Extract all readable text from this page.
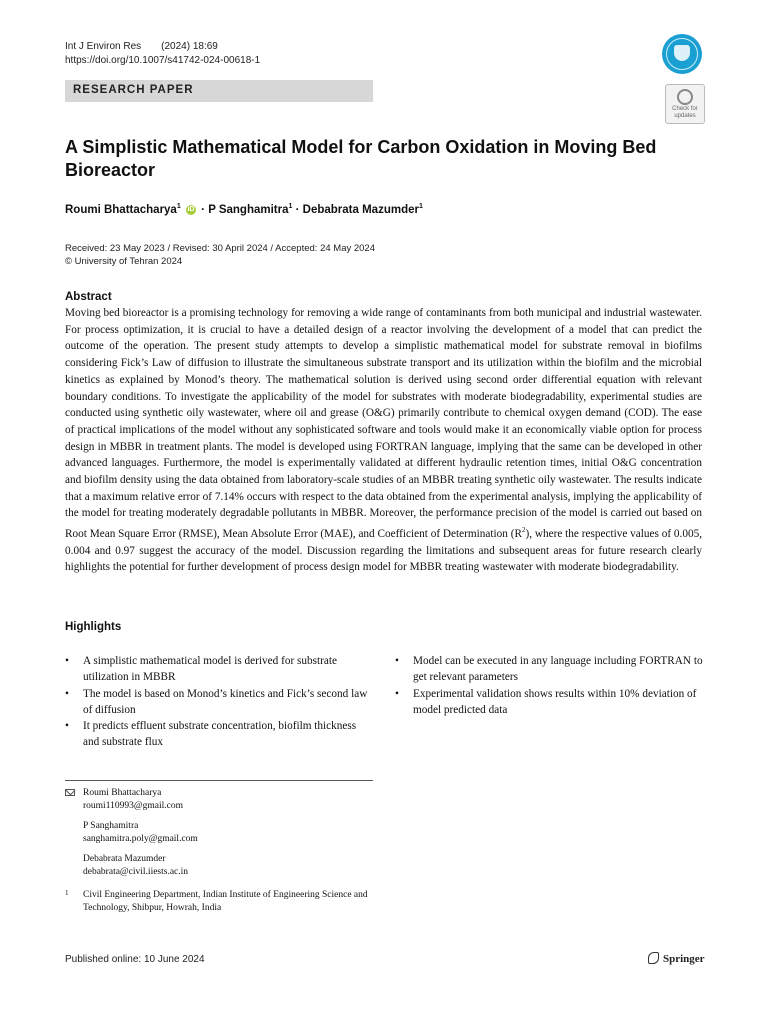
Int J Environ Res (2024) 18:69
https://doi.org/10.1007/s41742-024-00618-1
RESEARCH PAPER
Check for updates
A Simplistic Mathematical Model for Carbon Oxidation in Moving Bed Bioreactor
Roumi Bhattacharya$^1$ iD · P Sanghamitra$^1$ · Debabrata Mazumder$^1$
Received: 23 May 2023 / Revised: 30 April 2024 / Accepted: 24 May 2024
© University of Tehran 2024
Abstract

Moving bed bioreactor is a promising technology for removing a wide range of contaminants from both municipal and industrial wastewater. For process optimization, it is crucial to have a detailed design of a reactor involving the development of a model that can predict the outcome of the operation. The present study attempts to develop a simplistic mathematical model for substrate removal in biofilms considering Fick’s Law of diffusion to illustrate the simultaneous substrate transport and its utilization within the biofilm and the microbial kinetics as explained by Monod’s theory. The mathematical solution is derived using second order differential equation with relevant boundary conditions. To investigate the applicability of the model for substrates with moderate biodegradability, experimental studies are conducted using synthetic oily wastewater, where oil and grease (O&G) primarily contribute to chemical oxygen demand (COD). The ease of practical implications of the model without any sophisticated software and tools would make it an economically viable option for process design in MBBR in treatment plants. The model is developed using FORTRAN language, implying that the same can be developed in other advanced languages. Furthermore, the model is experimentally validated at different hydraulic retention times, initial O&G concentration and biofilm density using the data obtained from laboratory-scale studies of an MBBR treating synthetic oily wastewater. The results indicate that a maximum relative error of 7.14% occurs with respect to the data obtained from the experimental analysis, implying the applicability of the model for treating moderately degradable pollutants in MBBR. Moreover, the performance precision of the model is carried out based on Root Mean Square Error (RMSE), Mean Absolute Error (MAE), and Coefficient of Determination $(R^2)$, where the respective values of 0.005, 0.004 and 0.97 suggest the accuracy of the model. Discussion regarding the limitations and subsequent areas for future research clearly highlights the potential for further development of process design model for MBBR treating wastewater with moderate biodegradability.

Highlights
• A simplistic mathematical model is derived for substrate utilization in MBBR
• The model is based on Monod’s kinetics and Fick’s second law of diffusion
• It predicts effluent substrate concentration, biofilm thickness and substrate flux
• Model can be executed in any language including FORTRAN to get relevant parameters
• Experimental validation shows results within 10% deviation of model predicted data
Roumi Bhattacharya
roumi110993@gmail.com
P Sanghamitra
sanghamitra.poly@gmail.com
Debabrata Mazumder
debabrata@civil.iiests.ac.in
1	Civil Engineering Department, Indian Institute of Engineering Science and Technology, Shibpur, Howrah, India
Published online: 10 June 2024	Springer
